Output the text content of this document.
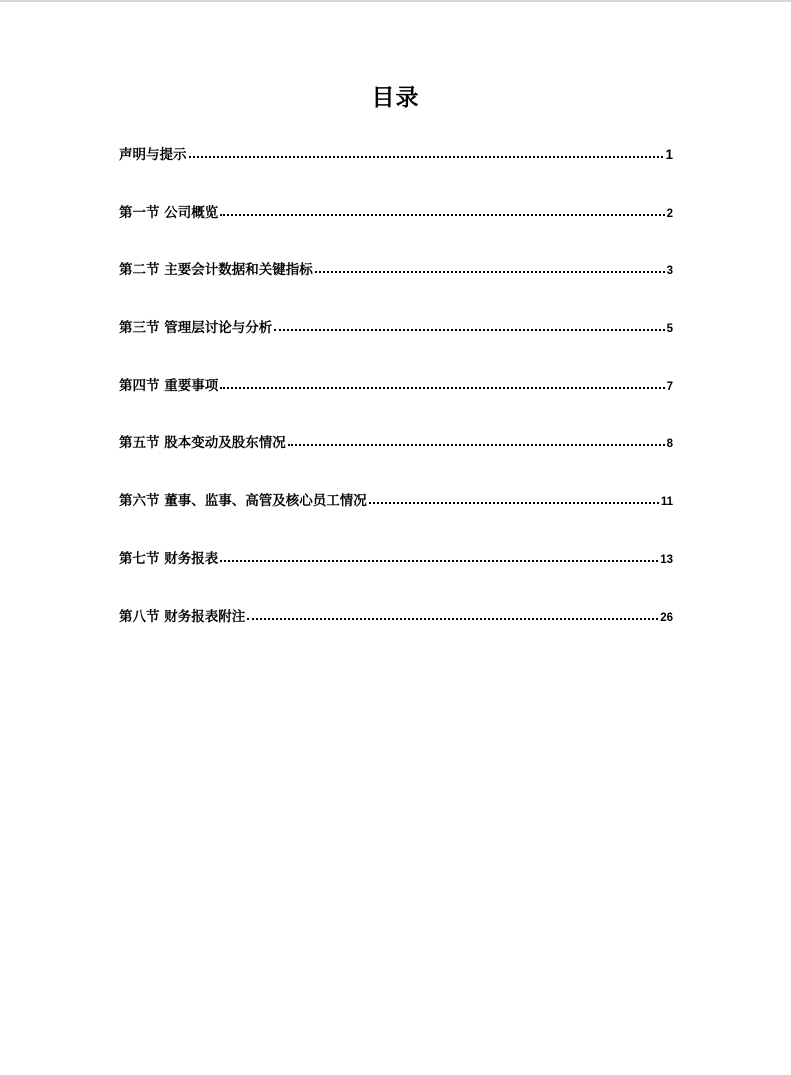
目录
声明与提示	1
第一节 公司概览	2
第二节 主要会计数据和关键指标	3
第三节 管理层讨论与分析	5
第四节 重要事项	7
第五节 股本变动及股东情况	8
第六节 董事、监事、高管及核心员工情况	11
第七节 财务报表	13
第八节 财务报表附注	26
